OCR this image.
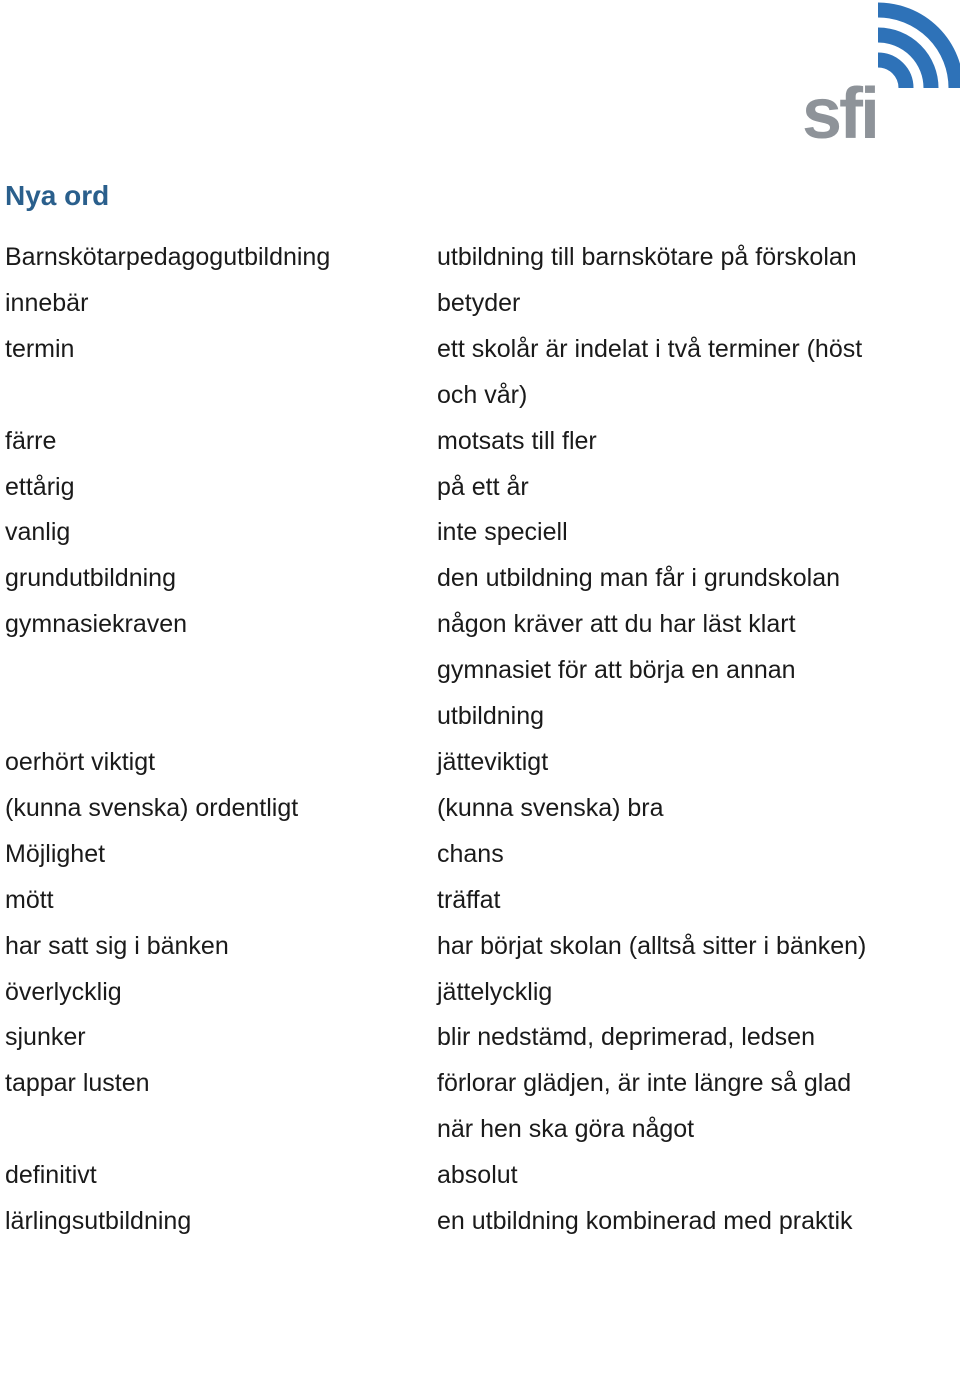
sfi
Nya ord
Barnskötarpedagogutbildning	utbildning till barnskötare på förskolan
innebär	betyder
termin	ett skolår är indelat i två terminer (höst och vår)
färre	motsats till fler
ettårig	på ett år
vanlig	inte speciell
grundutbildning	den utbildning man får i grundskolan
gymnasiekraven	någon kräver att du har läst klart gymnasiet för att börja en annan utbildning
oerhört viktigt	jätteviktigt
(kunna svenska) ordentligt	(kunna svenska) bra
Möjlighet	chans
mött	träffat
har satt sig i bänken	har börjat skolan (alltså sitter i bänken)
överlycklig	jättelycklig
sjunker	blir nedstämd, deprimerad, ledsen
tappar lusten	förlorar glädjen, är inte längre så glad när hen ska göra något
definitivt	absolut
lärlingsutbildning	en utbildning kombinerad med praktik
